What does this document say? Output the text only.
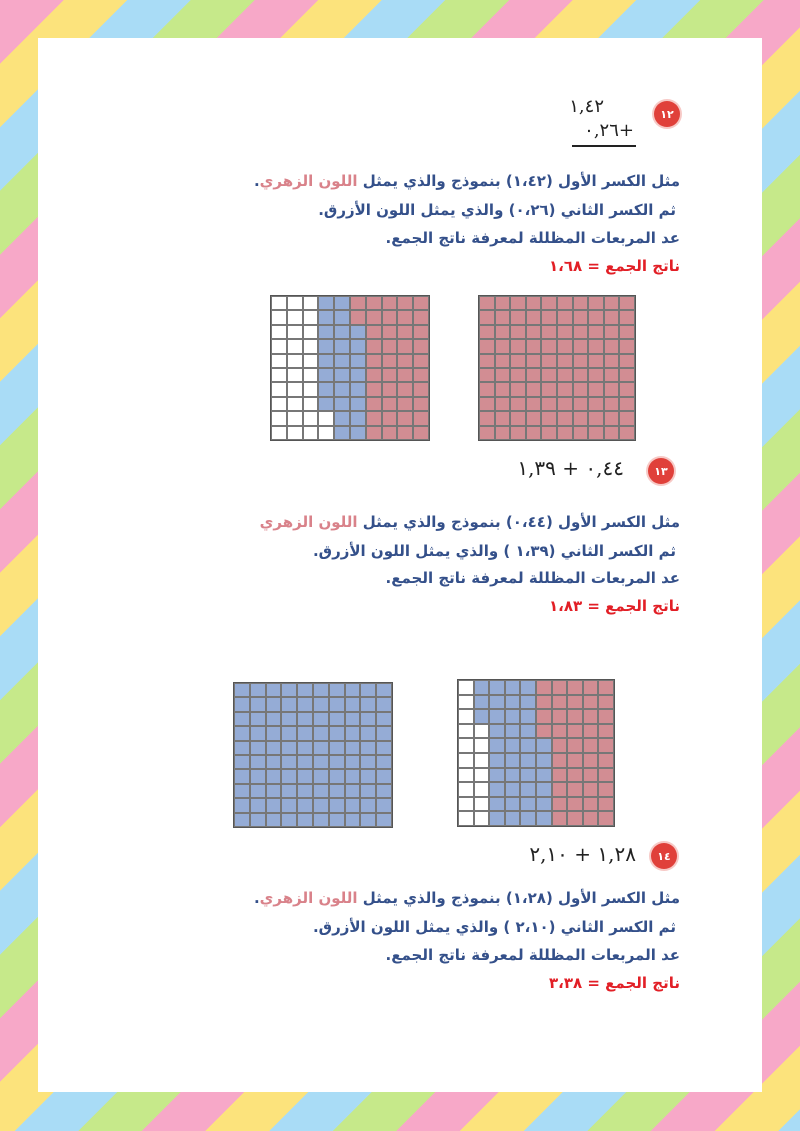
١٢
١,٤٢
+٠,٢٦
مثل الكسر الأول (١،٤٢) بنموذج والذي يمثل اللون الزهري.
ثم الكسر الثاني (٠،٢٦) والذي يمثل اللون الأزرق.
عد المربعات المظللة لمعرفة ناتج الجمع.
ناتج الجمع = ١،٦٨
١٣
٠,٤٤ + ١,٣٩
مثل الكسر الأول (٠،٤٤) بنموذج والذي يمثل اللون الزهري
ثم الكسر الثاني (١،٣٩ ) والذي يمثل اللون الأزرق.
عد المربعات المظللة لمعرفة ناتج الجمع.
ناتج الجمع = ١،٨٣
١٤
١,٢٨ + ٢,١٠
مثل الكسر الأول (١،٢٨) بنموذج والذي يمثل اللون الزهري.
ثم الكسر الثاني (٢،١٠ ) والذي يمثل اللون الأزرق.
عد المربعات المظللة لمعرفة ناتج الجمع.
ناتج الجمع = ٣،٣٨
